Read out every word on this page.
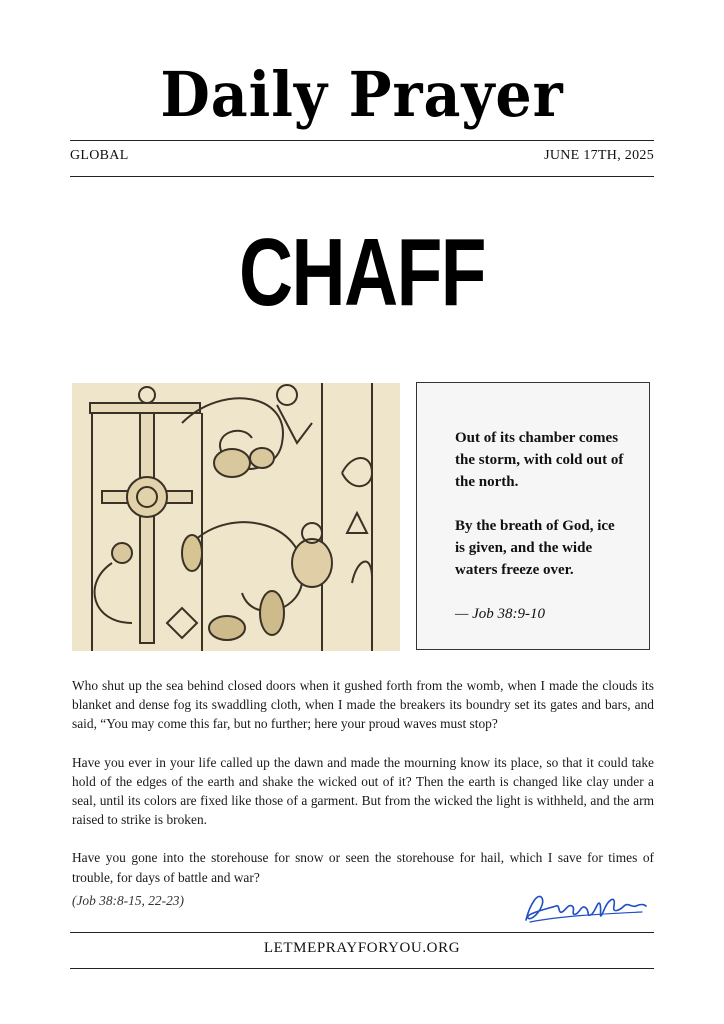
Daily Prayer
GLOBAL	JUNE 17TH, 2025
CHAFF

Out of its chamber comes the storm, with cold out of the north.

By the breath of God, ice is given, and the wide waters freeze over.

— Job 38:9-10

Who shut up the sea behind closed doors when it gushed forth from the womb, when I made the clouds its blanket and dense fog its swaddling cloth, when I made the breakers its boundry set its gates and bars, and said, “You may come this far, but no further; here your proud waves must stop?

Have you ever in your life called up the dawn and made the mourning know its place, so that it could take hold of the edges of the earth and shake the wicked out of it? Then the earth is changed like clay under a seal, until its colors are fixed like those of a garment. But from the wicked the light is withheld, and the arm raised to strike is broken.

Have you gone into the storehouse for snow or seen the storehouse for hail, which I save for times of trouble, for days of battle and war?

(Job 38:8-15, 22-23)
LETMEPRAYFORYOU.ORG
